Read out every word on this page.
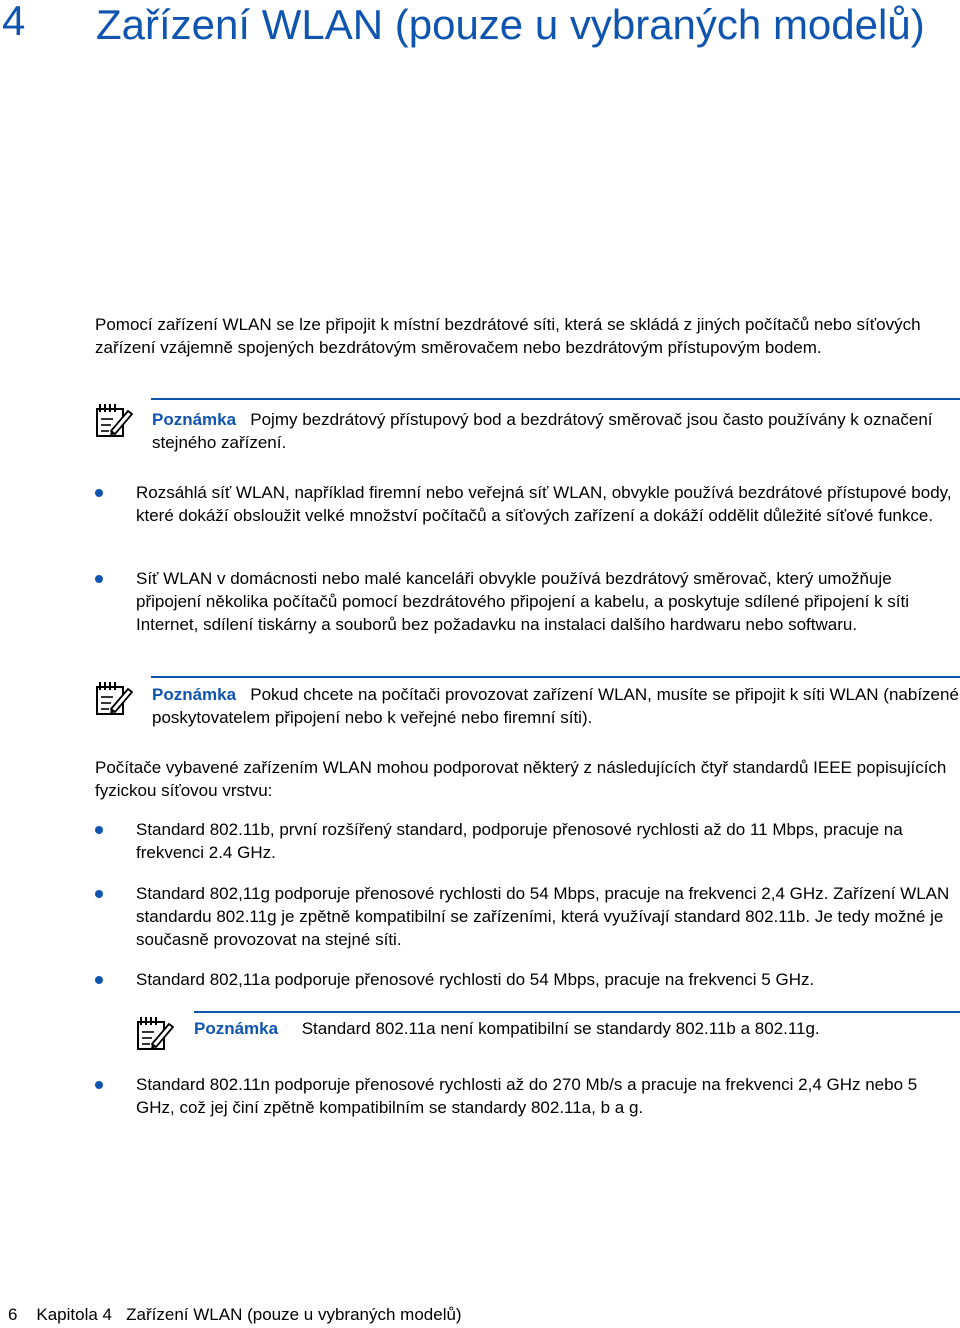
4 Zařízení WLAN (pouze u vybraných modelů)

Pomocí zařízení WLAN se lze připojit k místní bezdrátové síti, která se skládá z jiných počítačů nebo síťových zařízení vzájemně spojených bezdrátovým směrovačem nebo bezdrátovým přístupovým bodem.

Poznámka Pojmy bezdrátový přístupový bod a bezdrátový směrovač jsou často používány k označení stejného zařízení.

Rozsáhlá síť WLAN, například firemní nebo veřejná síť WLAN, obvykle používá bezdrátové přístupové body, které dokáží obsloužit velké množství počítačů a síťových zařízení a dokáží oddělit důležité síťové funkce.

Síť WLAN v domácnosti nebo malé kanceláři obvykle používá bezdrátový směrovač, který umožňuje připojení několika počítačů pomocí bezdrátového připojení a kabelu, a poskytuje sdílené připojení k síti Internet, sdílení tiskárny a souborů bez požadavku na instalaci dalšího hardwaru nebo softwaru.

Poznámka Pokud chcete na počítači provozovat zařízení WLAN, musíte se připojit k síti WLAN (nabízené poskytovatelem připojení nebo k veřejné nebo firemní síti).

Počítače vybavené zařízením WLAN mohou podporovat některý z následujících čtyř standardů IEEE popisujících fyzickou síťovou vrstvu:

Standard 802.11b, první rozšířený standard, podporuje přenosové rychlosti až do 11 Mbps, pracuje na frekvenci 2.4 GHz.

Standard 802,11g podporuje přenosové rychlosti do 54 Mbps, pracuje na frekvenci 2,4 GHz. Zařízení WLAN standardu 802.11g je zpětně kompatibilní se zařízeními, která využívají standard 802.11b. Je tedy možné je současně provozovat na stejné síti.

Standard 802,11a podporuje přenosové rychlosti do 54 Mbps, pracuje na frekvenci 5 GHz.

Poznámka Standard 802.11a není kompatibilní se standardy 802.11b a 802.11g.

Standard 802.11n podporuje přenosové rychlosti až do 270 Mb/s a pracuje na frekvenci 2,4 GHz nebo 5 GHz, což jej činí zpětně kompatibilním se standardy 802.11a, b a g.

6 Kapitola 4 Zařízení WLAN (pouze u vybraných modelů)
